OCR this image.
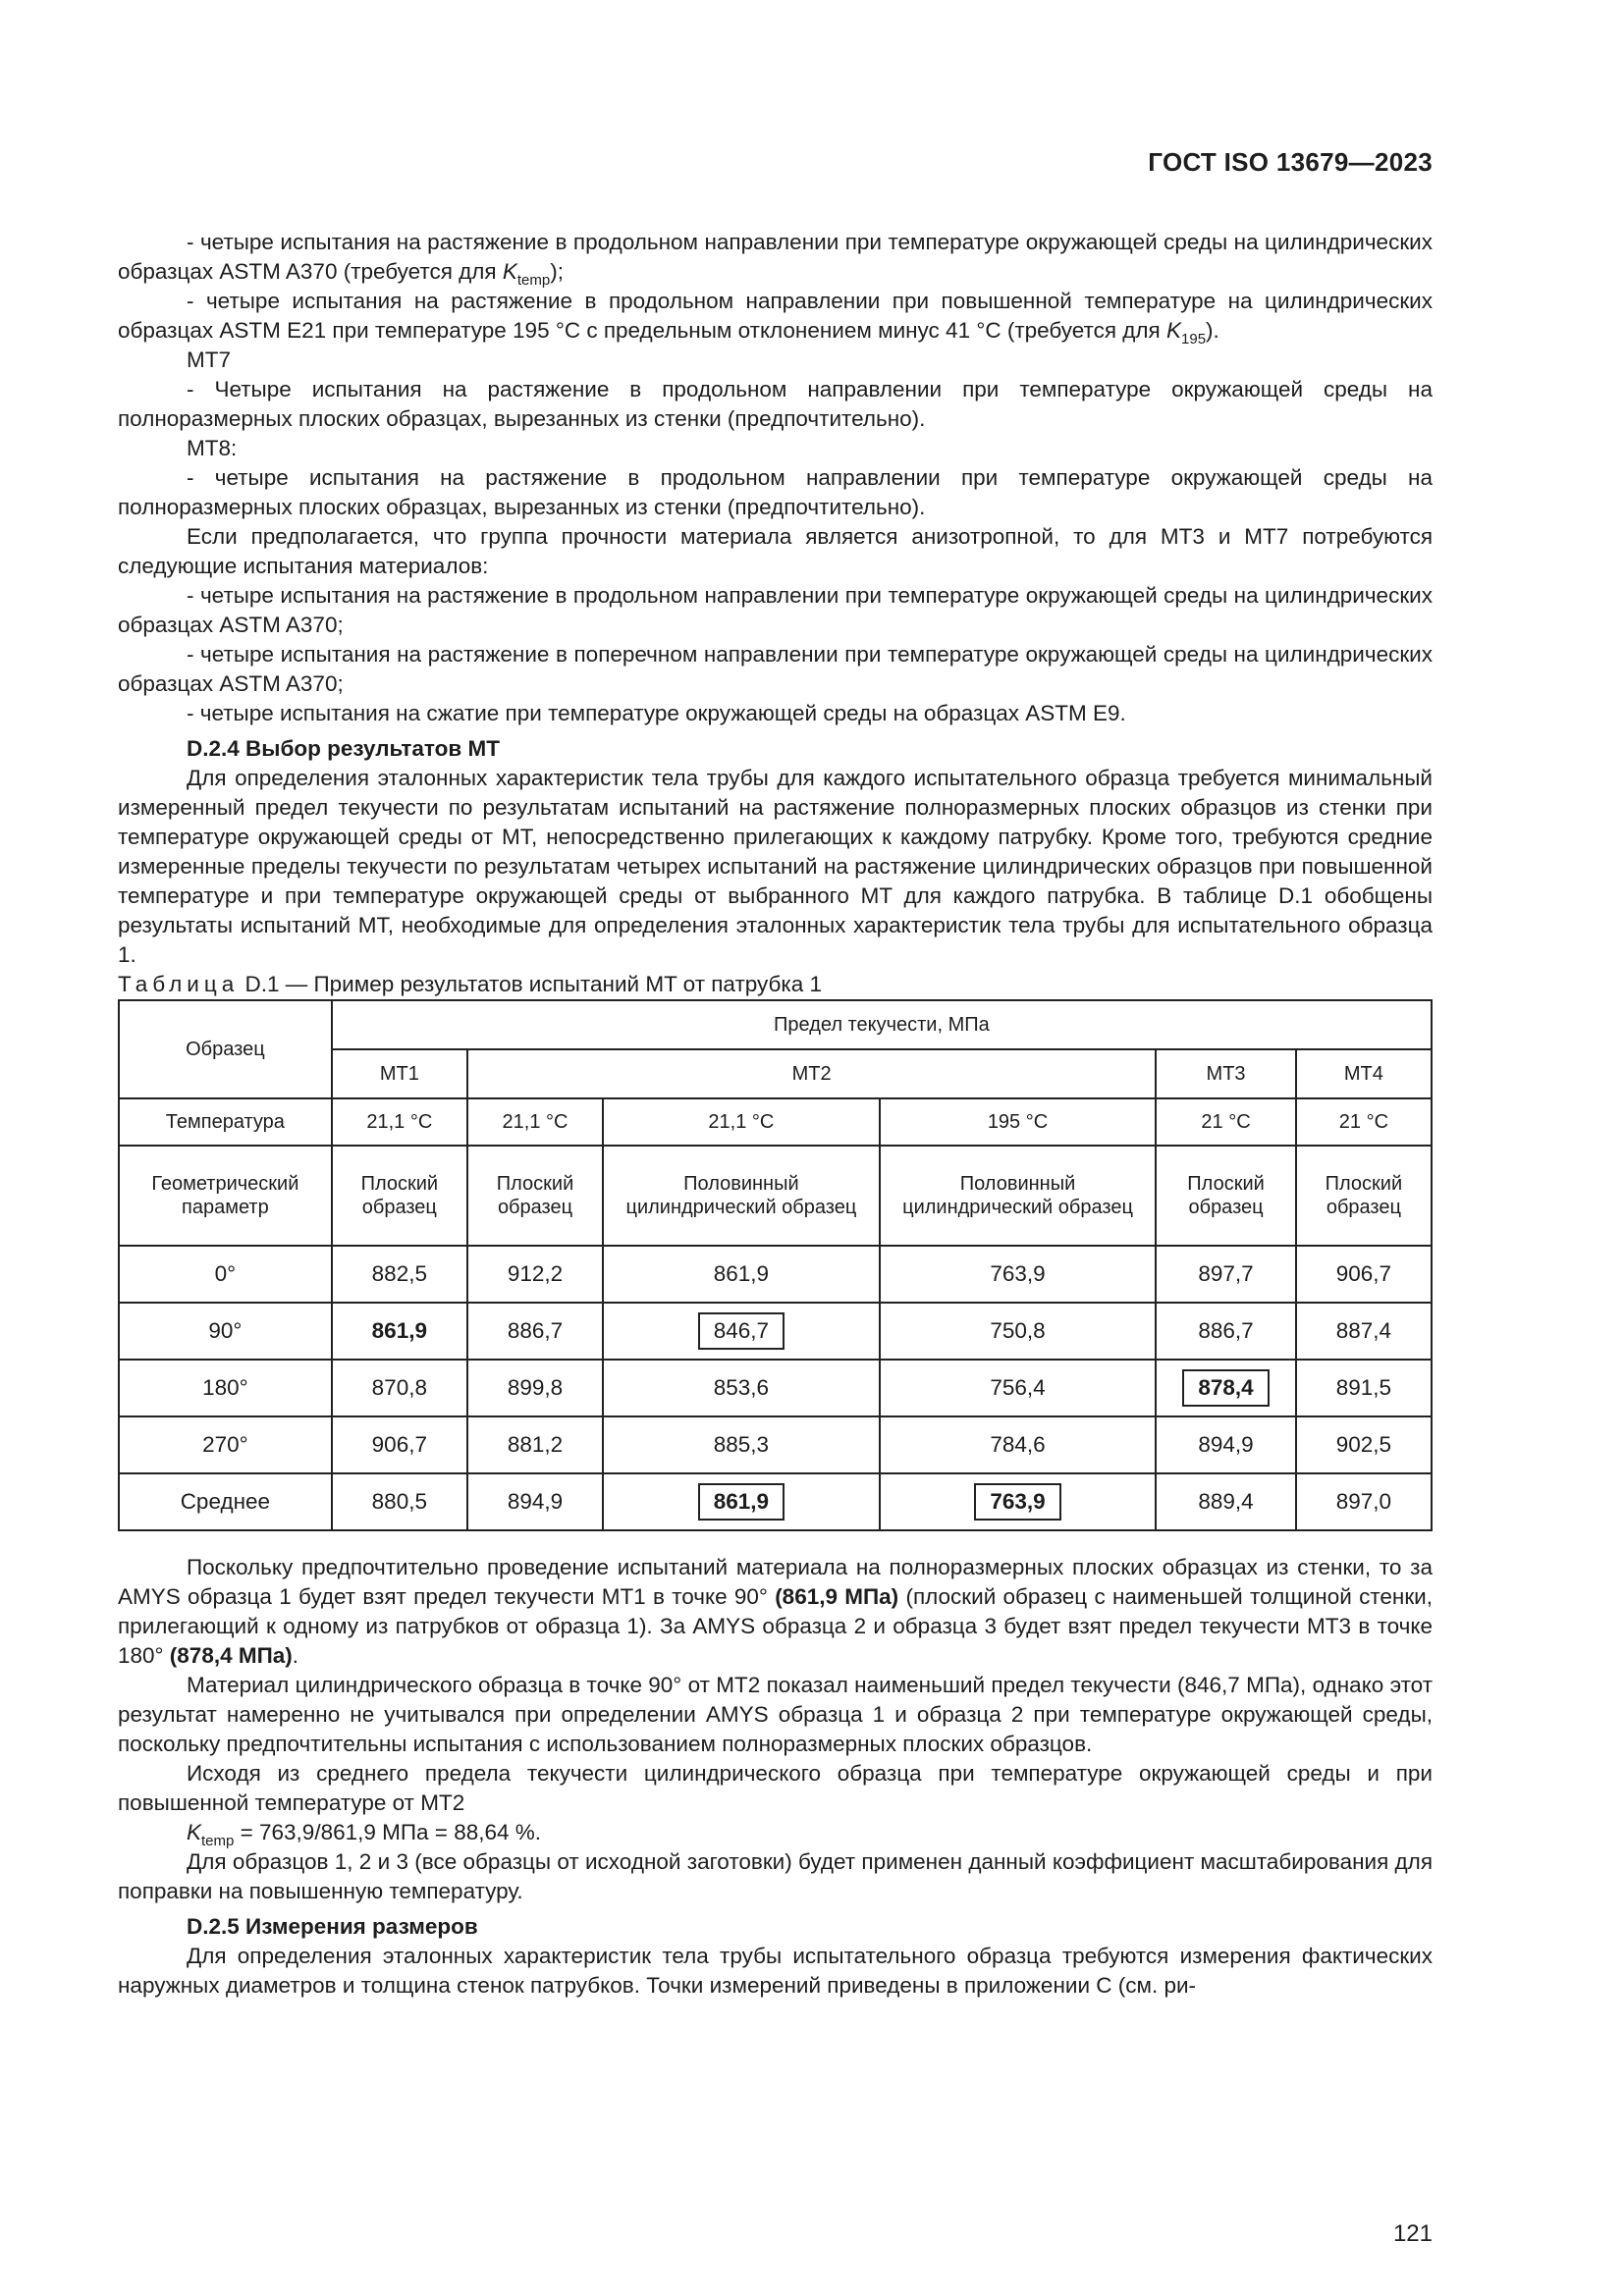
ГОСТ ISO 13679—2023

- четыре испытания на растяжение в продольном направлении при температуре окружающей среды на цилиндрических образцах ASTM A370 (требуется для $K_{temp}$);

- четыре испытания на растяжение в продольном направлении при повышенной температуре на цилиндрических образцах ASTM E21 при температуре 195 °C с предельным отклонением минус 41 °C (требуется для $K_{195}$).

MT7

- Четыре испытания на растяжение в продольном направлении при температуре окружающей среды на полноразмерных плоских образцах, вырезанных из стенки (предпочтительно).

MT8:

- четыре испытания на растяжение в продольном направлении при температуре окружающей среды на полноразмерных плоских образцах, вырезанных из стенки (предпочтительно).

Если предполагается, что группа прочности материала является анизотропной, то для MT3 и MT7 потребуются следующие испытания материалов:

- четыре испытания на растяжение в продольном направлении при температуре окружающей среды на цилиндрических образцах ASTM A370;

- четыре испытания на растяжение в поперечном направлении при температуре окружающей среды на цилиндрических образцах ASTM A370;

- четыре испытания на сжатие при температуре окружающей среды на образцах ASTM E9.

D.2.4 Выбор результатов MT

Для определения эталонных характеристик тела трубы для каждого испытательного образца требуется минимальный измеренный предел текучести по результатам испытаний на растяжение полноразмерных плоских образцов из стенки при температуре окружающей среды от MT, непосредственно прилегающих к каждому патрубку. Кроме того, требуются средние измеренные пределы текучести по результатам четырех испытаний на растяжение цилиндрических образцов при повышенной температуре и при температуре окружающей среды от выбранного MT для каждого патрубка. В таблице D.1 обобщены результаты испытаний MT, необходимые для определения эталонных характеристик тела трубы для испытательного образца 1.

Таблица D.1 — Пример результатов испытаний MT от патрубка 1

Образец	Предел текучести, МПа					
	MT1	MT2			MT3	MT4
Температура	21,1 °C	21,1 °C	21,1 °C	195 °C	21 °C	21 °C
Геометрический параметр	Плоский образец	Плоский образец	Половинный цилиндрический образец	Половинный цилиндрический образец	Плоский образец	Плоский образец
0°	882,5	912,2	861,9	763,9	897,7	906,7
90°	861,9	886,7	846,7	750,8	886,7	887,4
180°	870,8	899,8	853,6	756,4	878,4	891,5
270°	906,7	881,2	885,3	784,6	894,9	902,5
Среднее	880,5	894,9	861,9	763,9	889,4	897,0

Поскольку предпочтительно проведение испытаний материала на полноразмерных плоских образцах из стенки, то за AMYS образца 1 будет взят предел текучести MT1 в точке 90° (861,9 МПа) (плоский образец с наименьшей толщиной стенки, прилегающий к одному из патрубков от образца 1). За AMYS образца 2 и образца 3 будет взят предел текучести MT3 в точке 180° (878,4 МПа).

Материал цилиндрического образца в точке 90° от MT2 показал наименьший предел текучести (846,7 МПа), однако этот результат намеренно не учитывался при определении AMYS образца 1 и образца 2 при температуре окружающей среды, поскольку предпочтительны испытания с использованием полноразмерных плоских образцов.

Исходя из среднего предела текучести цилиндрического образца при температуре окружающей среды и при повышенной температуре от MT2

$K_{temp} = 763,9/861,9$ МПа = 88,64 %.

Для образцов 1, 2 и 3 (все образцы от исходной заготовки) будет применен данный коэффициент масштабирования для поправки на повышенную температуру.

D.2.5 Измерения размеров

Для определения эталонных характеристик тела трубы испытательного образца требуются измерения фактических наружных диаметров и толщина стенок патрубков. Точки измерений приведены в приложении С (см. ри-

121
